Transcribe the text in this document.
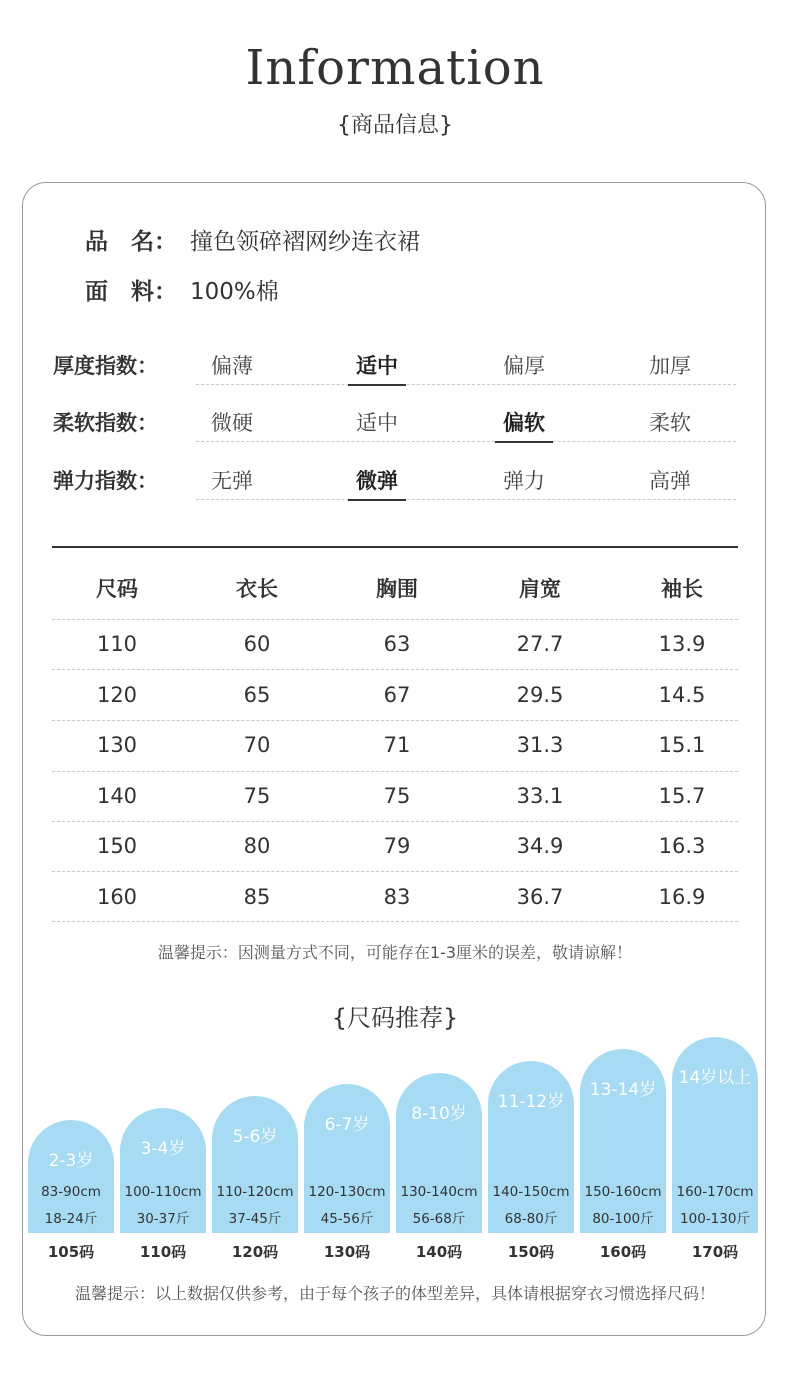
Information
{商品信息}
品　名： 撞色领碎褶网纱连衣裙
面　料： 100%棉
厚度指数：	偏薄	适中	偏厚	加厚
柔软指数：	微硬	适中	偏软	柔软
弹力指数：	无弹	微弹	弹力	高弹
尺码	衣长	胸围	肩宽	袖长
110	60	63	27.7	13.9
120	65	67	29.5	14.5
130	70	71	31.3	15.1
140	75	75	33.1	15.7
150	80	79	34.9	16.3
160	85	83	36.7	16.9
温馨提示：因测量方式不同，可能存在1-3厘米的误差，敬请谅解！
{尺码推荐}
2-3岁
83-90cm
18-24斤
105码
3-4岁
100-110cm
30-37斤
110码
5-6岁
110-120cm
37-45斤
120码
6-7岁
120-130cm
45-56斤
130码
8-10岁
130-140cm
56-68斤
140码
11-12岁
140-150cm
68-80斤
150码
13-14岁
150-160cm
80-100斤
160码
14岁以上
160-170cm
100-130斤
170码
温馨提示：以上数据仅供参考，由于每个孩子的体型差异，具体请根据穿衣习惯选择尺码！
